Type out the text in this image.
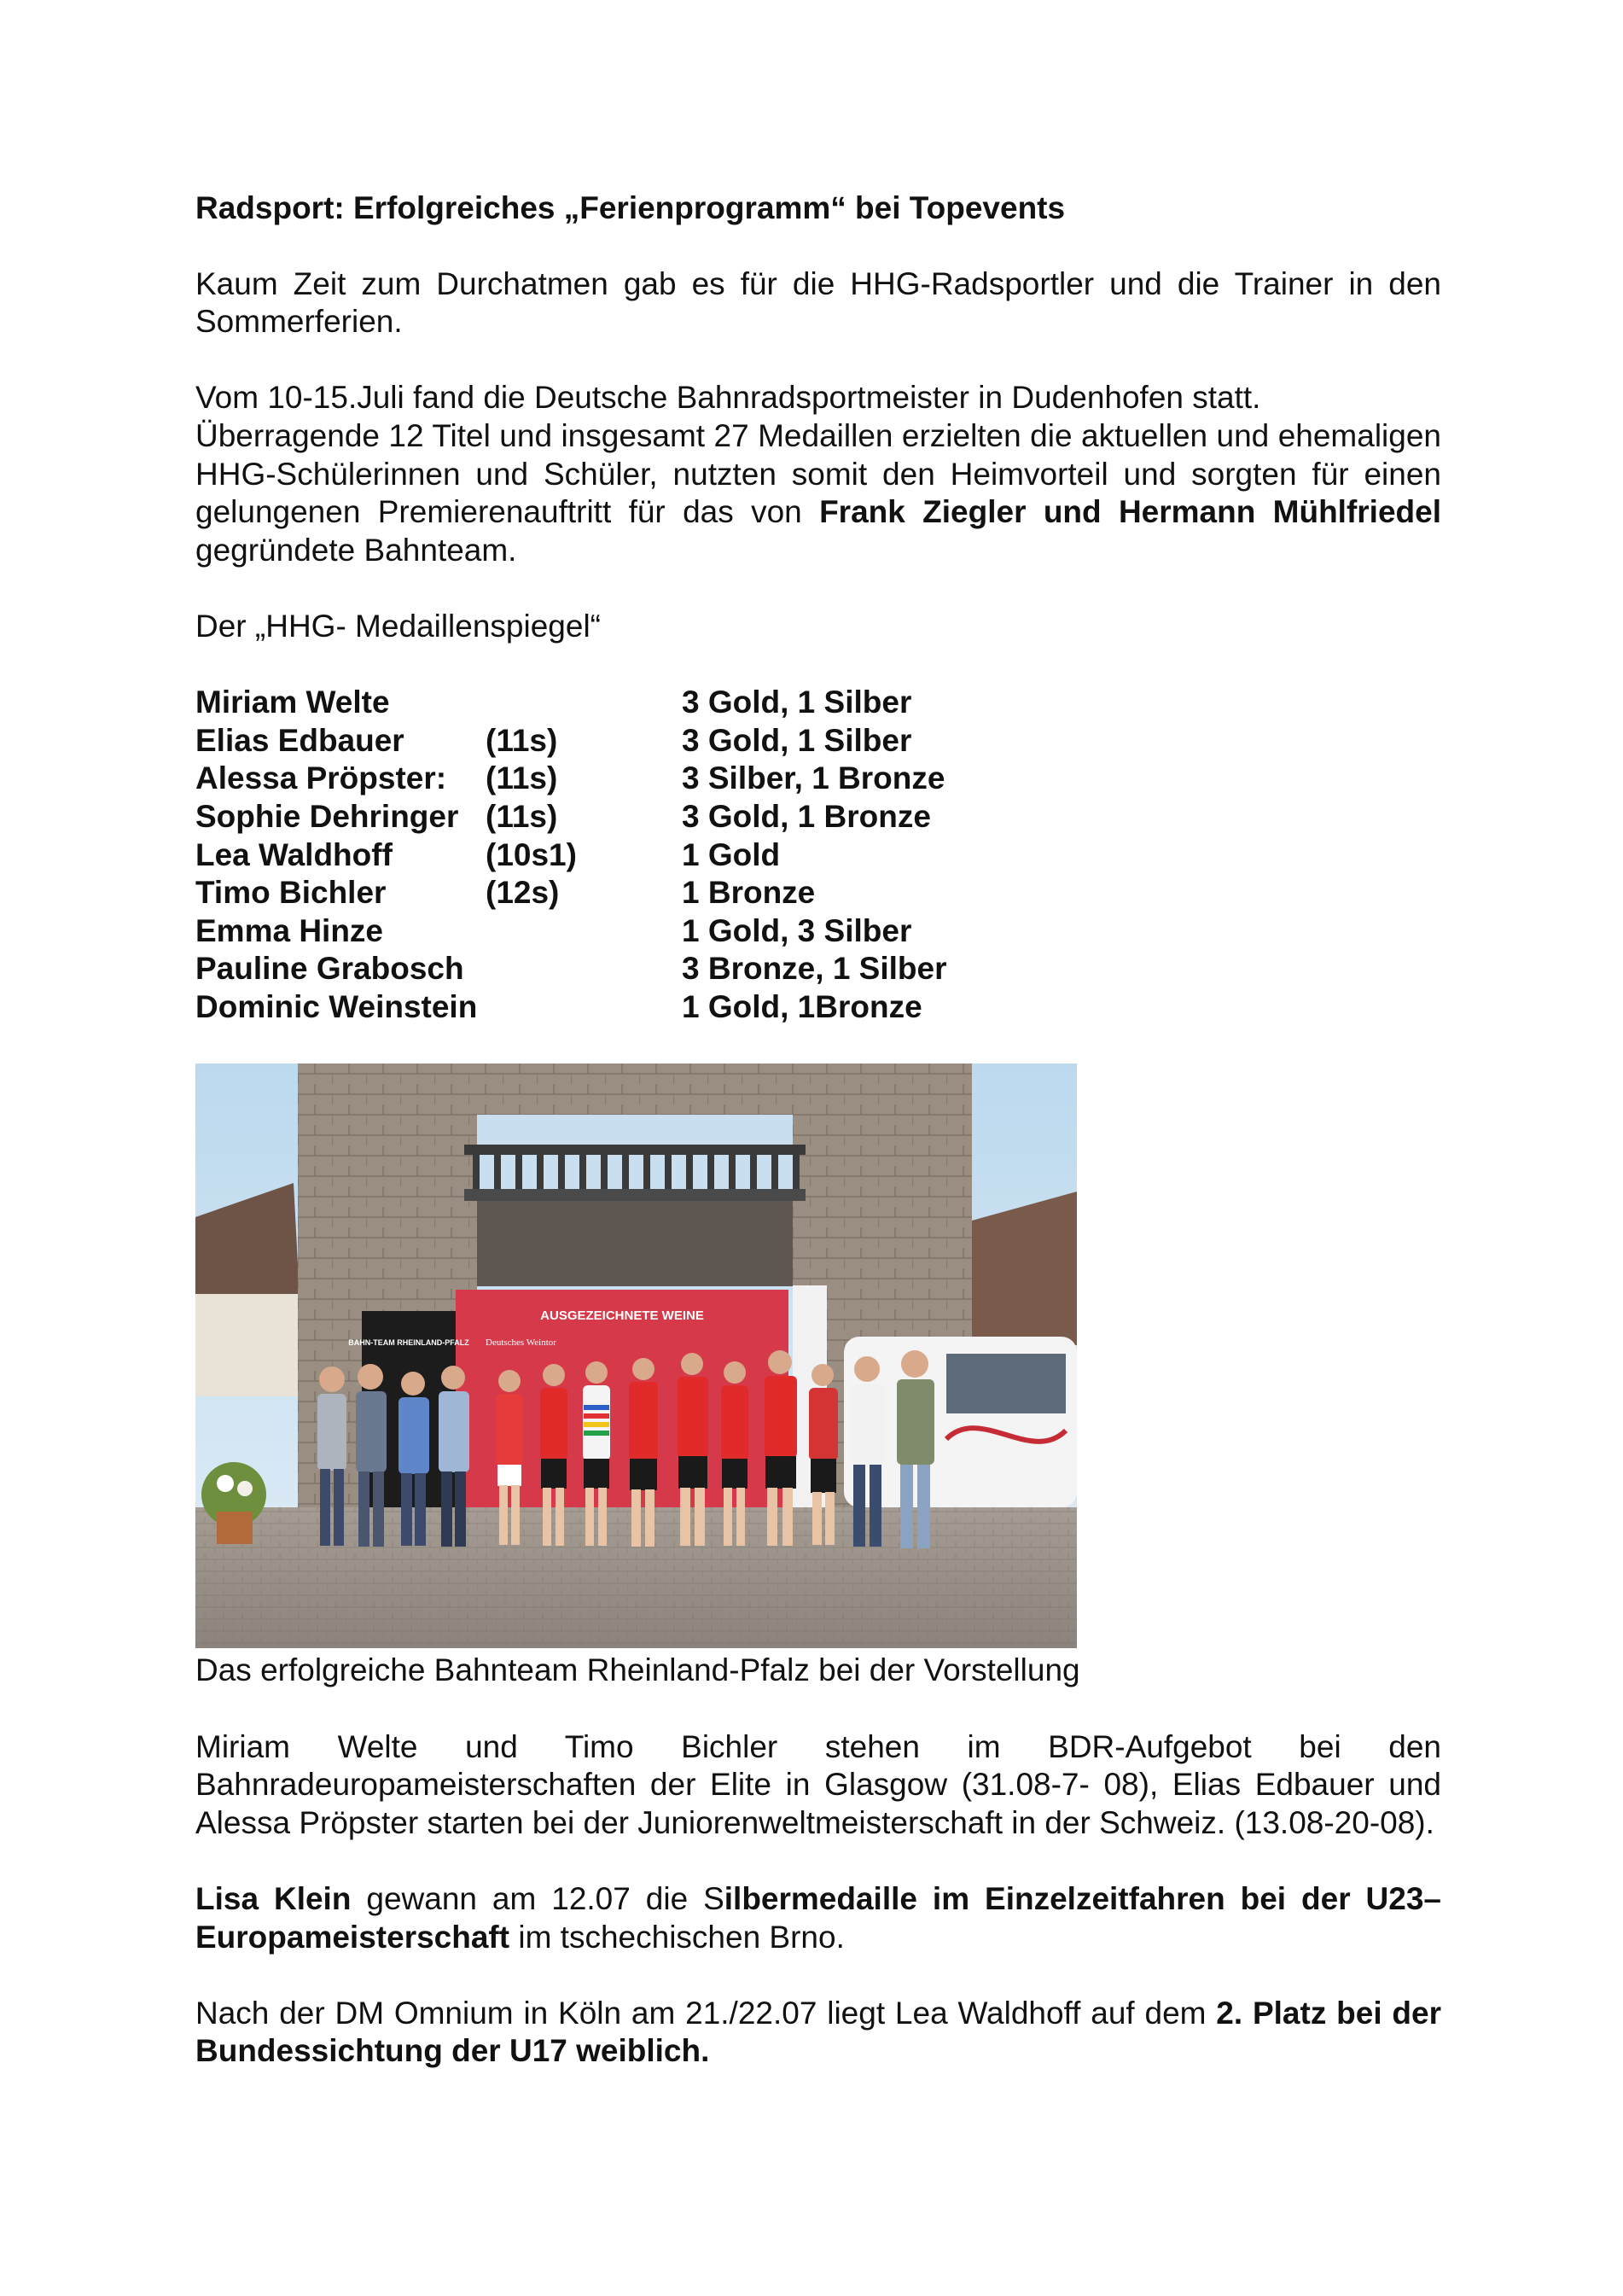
Radsport: Erfolgreiches „Ferienprogramm“ bei Topevents

Kaum Zeit zum Durchatmen gab es für die HHG-Radsportler und die Trainer in den Sommerferien.

Vom 10-15.Juli fand die Deutsche Bahnradsportmeister in Dudenhofen statt.

Überragende 12 Titel und insgesamt 27 Medaillen erzielten die aktuellen und ehemaligen HHG-Schülerinnen und Schüler, nutzten somit den Heimvorteil und sorgten für einen gelungenen Premierenauftritt für das von Frank Ziegler und Hermann Mühlfriedel gegründete Bahnteam.

Der „HHG- Medaillenspiegel“

Miriam Welte	3 Gold, 1 Silber
Elias Edbauer	(11s)	3 Gold, 1 Silber
Alessa Pröpster:	(11s)	3 Silber, 1 Bronze
Sophie Dehringer (11s)	3 Gold, 1 Bronze
Lea Waldhoff	(10s1)	1 Gold
Timo Bichler	(12s)	1 Bronze
Emma Hinze	1 Gold, 3 Silber
Pauline Grabosch	3 Bronze, 1 Silber
Dominic Weinstein	1 Gold, 1Bronze
AUSGEZEICHNETE WEINE
Deutsches Weintor
BAHN-TEAM RHEINLAND-PFALZ

Das erfolgreiche Bahnteam Rheinland-Pfalz bei der Vorstellung

Miriam Welte und Timo Bichler stehen im BDR-Aufgebot bei den Bahnradeuropameisterschaften der Elite in Glasgow (31.08-7- 08), Elias Edbauer und Alessa Pröpster starten bei der Juniorenweltmeisterschaft in der Schweiz. (13.08-20-08).

Lisa Klein gewann am 12.07 die Silbermedaille im Einzelzeitfahren bei der U23–Europameisterschaft im tschechischen Brno.

Nach der DM Omnium in Köln am 21./22.07 liegt Lea Waldhoff auf dem 2. Platz bei der Bundessichtung der U17 weiblich.
